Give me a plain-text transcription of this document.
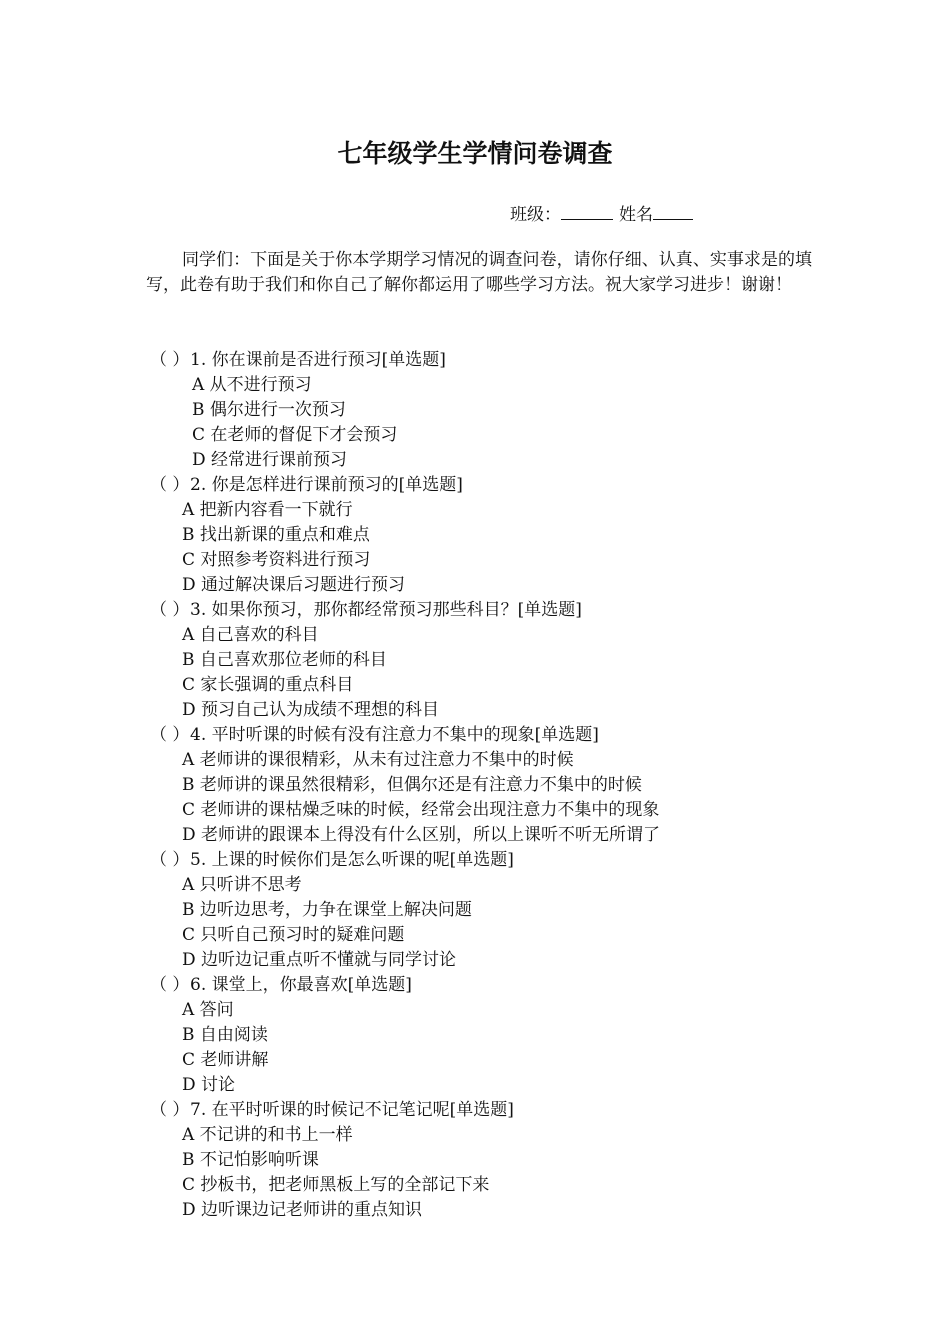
七年级学生学情问卷调查
班级：	姓名
同学们：下面是关于你本学期学习情况的调查问卷，请你仔细、认真、实事求是的填写，此卷有助于我们和你自己了解你都运用了哪些学习方法。祝大家学习进步！谢谢！
（ ）1. 你在课前是否进行预习[单选题]
A 从不进行预习
B 偶尔进行一次预习
C 在老师的督促下才会预习
D 经常进行课前预习
（ ）2. 你是怎样进行课前预习的[单选题]
A 把新内容看一下就行
B 找出新课的重点和难点
C 对照参考资料进行预习
D 通过解决课后习题进行预习
（ ）3. 如果你预习，那你都经常预习那些科目？[单选题]
A 自己喜欢的科目
B 自己喜欢那位老师的科目
C 家长强调的重点科目
D 预习自己认为成绩不理想的科目
（ ）4. 平时听课的时候有没有注意力不集中的现象[单选题]
A 老师讲的课很精彩，从未有过注意力不集中的时候
B 老师讲的课虽然很精彩，但偶尔还是有注意力不集中的时候
C 老师讲的课枯燥乏味的时候，经常会出现注意力不集中的现象
D 老师讲的跟课本上得没有什么区别，所以上课听不听无所谓了
（ ）5. 上课的时候你们是怎么听课的呢[单选题]
A 只听讲不思考
B 边听边思考，力争在课堂上解决问题
C 只听自己预习时的疑难问题
D 边听边记重点听不懂就与同学讨论
（ ）6. 课堂上，你最喜欢[单选题]
A 答问
B 自由阅读
C 老师讲解
D 讨论
（ ）7. 在平时听课的时候记不记笔记呢[单选题]
A 不记讲的和书上一样
B 不记怕影响听课
C 抄板书，把老师黑板上写的全部记下来
D 边听课边记老师讲的重点知识
